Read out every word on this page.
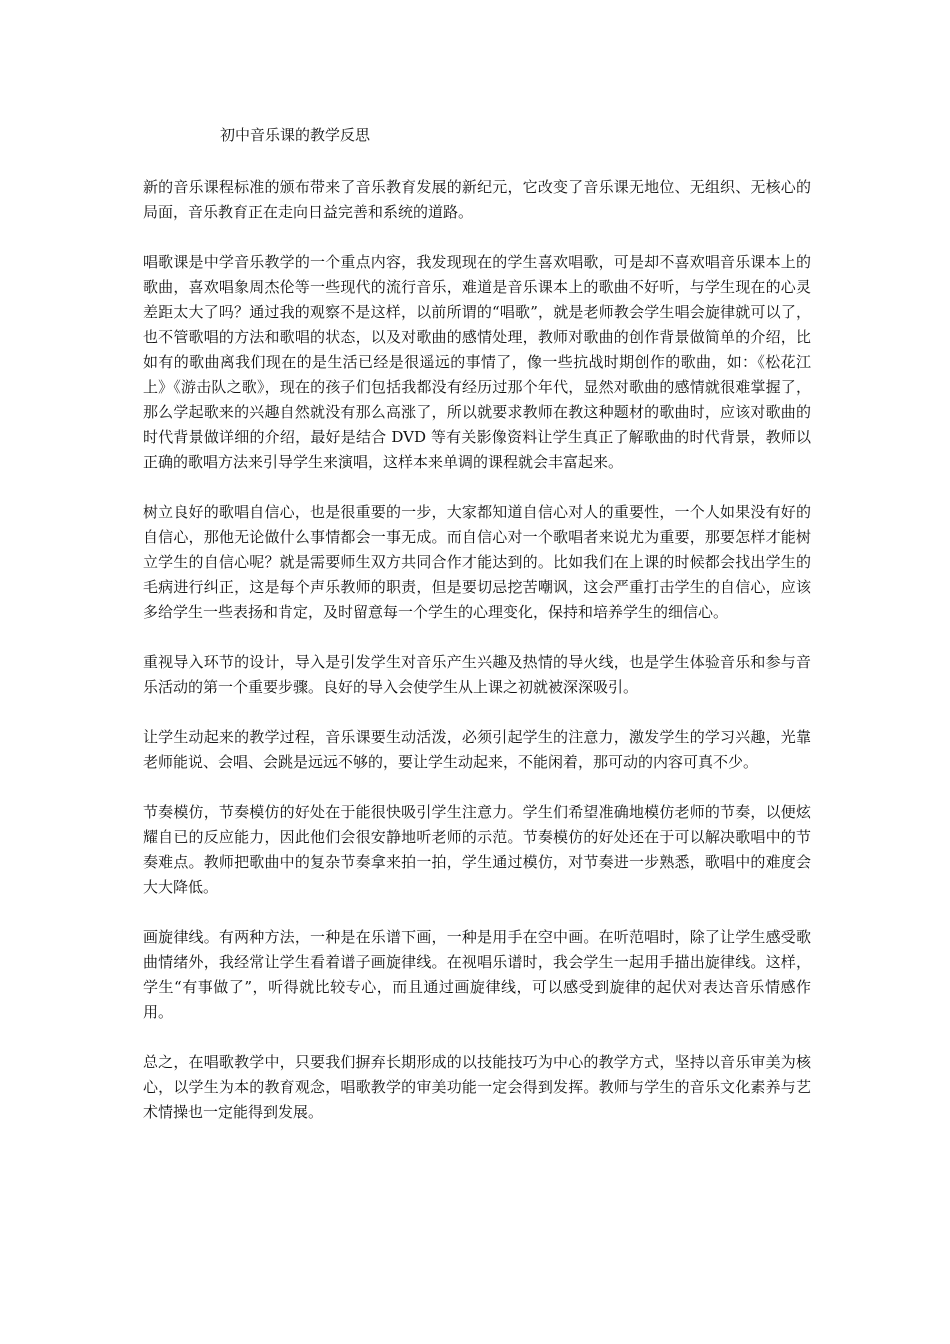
初中音乐课的教学反思

新的音乐课程标准的颁布带来了音乐教育发展的新纪元，它改变了音乐课无地位、无组织、无核心的局面，音乐教育正在走向日益完善和系统的道路。

唱歌课是中学音乐教学的一个重点内容，我发现现在的学生喜欢唱歌，可是却不喜欢唱音乐课本上的歌曲，喜欢唱象周杰伦等一些现代的流行音乐，难道是音乐课本上的歌曲不好听，与学生现在的心灵差距太大了吗？通过我的观察不是这样，以前所谓的“唱歌”，就是老师教会学生唱会旋律就可以了，也不管歌唱的方法和歌唱的状态，以及对歌曲的感情处理，教师对歌曲的创作背景做简单的介绍，比如有的歌曲离我们现在的是生活已经是很遥远的事情了，像一些抗战时期创作的歌曲，如：《松花江上》《游击队之歌》，现在的孩子们包括我都没有经历过那个年代，显然对歌曲的感情就很难掌握了，那么学起歌来的兴趣自然就没有那么高涨了，所以就要求教师在教这种题材的歌曲时，应该对歌曲的时代背景做详细的介绍，最好是结合 DVD 等有关影像资料让学生真正了解歌曲的时代背景，教师以正确的歌唱方法来引导学生来演唱，这样本来单调的课程就会丰富起来。

树立良好的歌唱自信心，也是很重要的一步，大家都知道自信心对人的重要性，一个人如果没有好的自信心，那他无论做什么事情都会一事无成。而自信心对一个歌唱者来说尤为重要，那要怎样才能树立学生的自信心呢？就是需要师生双方共同合作才能达到的。比如我们在上课的时候都会找出学生的毛病进行纠正，这是每个声乐教师的职责，但是要切忌挖苦嘲讽，这会严重打击学生的自信心，应该多给学生一些表扬和肯定，及时留意每一个学生的心理变化，保持和培养学生的细信心。

重视导入环节的设计，导入是引发学生对音乐产生兴趣及热情的导火线，也是学生体验音乐和参与音乐活动的第一个重要步骤。良好的导入会使学生从上课之初就被深深吸引。

让学生动起来的教学过程，音乐课要生动活泼，必须引起学生的注意力，激发学生的学习兴趣，光靠老师能说、会唱、会跳是远远不够的，要让学生动起来，不能闲着，那可动的内容可真不少。

节奏模仿，节奏模仿的好处在于能很快吸引学生注意力。学生们希望准确地模仿老师的节奏，以便炫耀自已的反应能力，因此他们会很安静地听老师的示范。节奏模仿的好处还在于可以解决歌唱中的节奏难点。教师把歌曲中的复杂节奏拿来拍一拍，学生通过模仿，对节奏进一步熟悉，歌唱中的难度会大大降低。

画旋律线。有两种方法，一种是在乐谱下画，一种是用手在空中画。在听范唱时，除了让学生感受歌曲情绪外，我经常让学生看着谱子画旋律线。在视唱乐谱时，我会学生一起用手描出旋律线。这样，学生“有事做了”，听得就比较专心，而且通过画旋律线，可以感受到旋律的起伏对表达音乐情感作用。

总之，在唱歌教学中，只要我们摒弃长期形成的以技能技巧为中心的教学方式，坚持以音乐审美为核心，以学生为本的教育观念，唱歌教学的审美功能一定会得到发挥。教师与学生的音乐文化素养与艺术情操也一定能得到发展。
